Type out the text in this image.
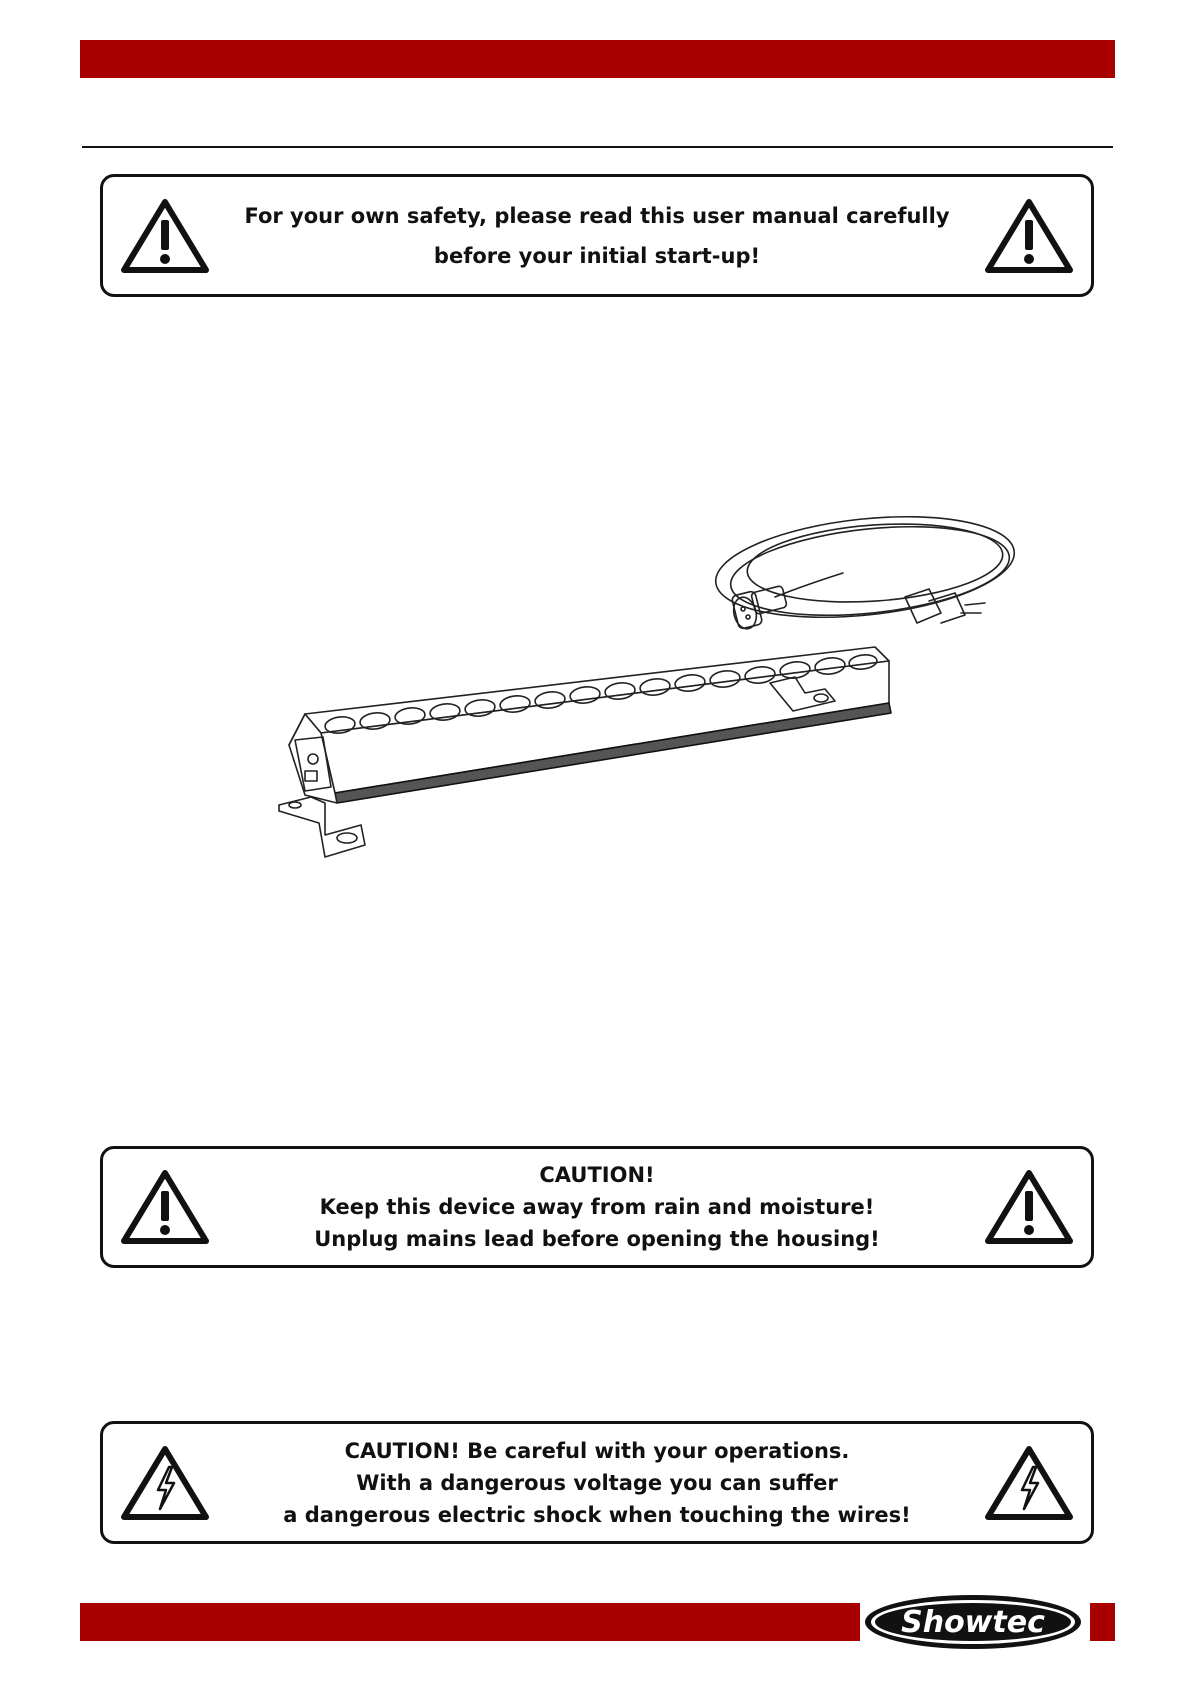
For your own safety, please read this user manual carefully
before your initial start-up!
CAUTION!
Keep this device away from rain and moisture!
Unplug mains lead before opening the housing!
CAUTION! Be careful with your operations.
With a dangerous voltage you can suffer
a dangerous electric shock when touching the wires!
Showtec
